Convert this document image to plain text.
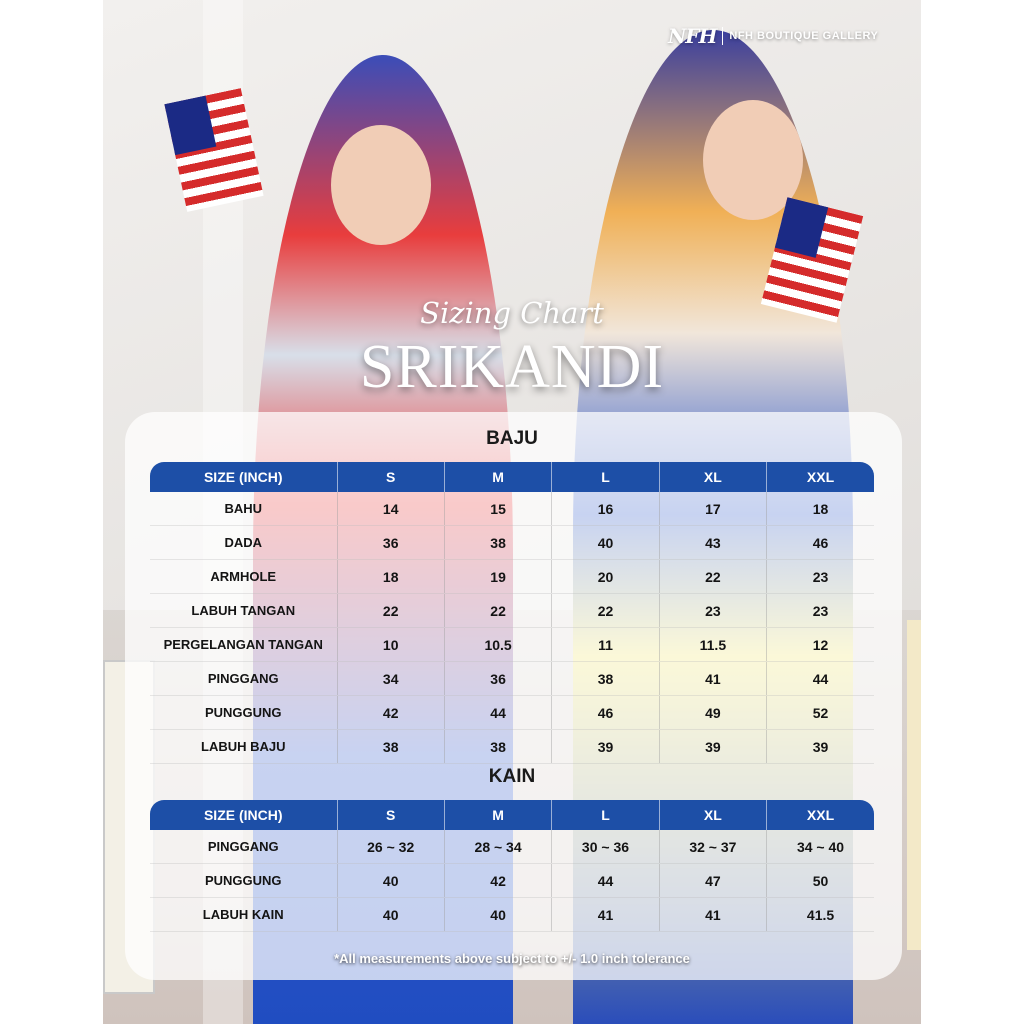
NFH NFH BOUTIQUE GALLERY
Sizing Chart
SRIKANDI
BAJU
SIZE (INCH)	S	M	L	XL	XXL
BAHU	14	15	16	17	18
DADA	36	38	40	43	46
ARMHOLE	18	19	20	22	23
LABUH TANGAN	22	22	22	23	23
PERGELANGAN TANGAN	10	10.5	11	11.5	12
PINGGANG	34	36	38	41	44
PUNGGUNG	42	44	46	49	52
LABUH BAJU	38	38	39	39	39
KAIN
SIZE (INCH)	S	M	L	XL	XXL
PINGGANG	26 ~ 32	28 ~ 34	30 ~ 36	32 ~ 37	34 ~ 40
PUNGGUNG	40	42	44	47	50
LABUH KAIN	40	40	41	41	41.5
*All measurements above subject to +/- 1.0 inch tolerance
